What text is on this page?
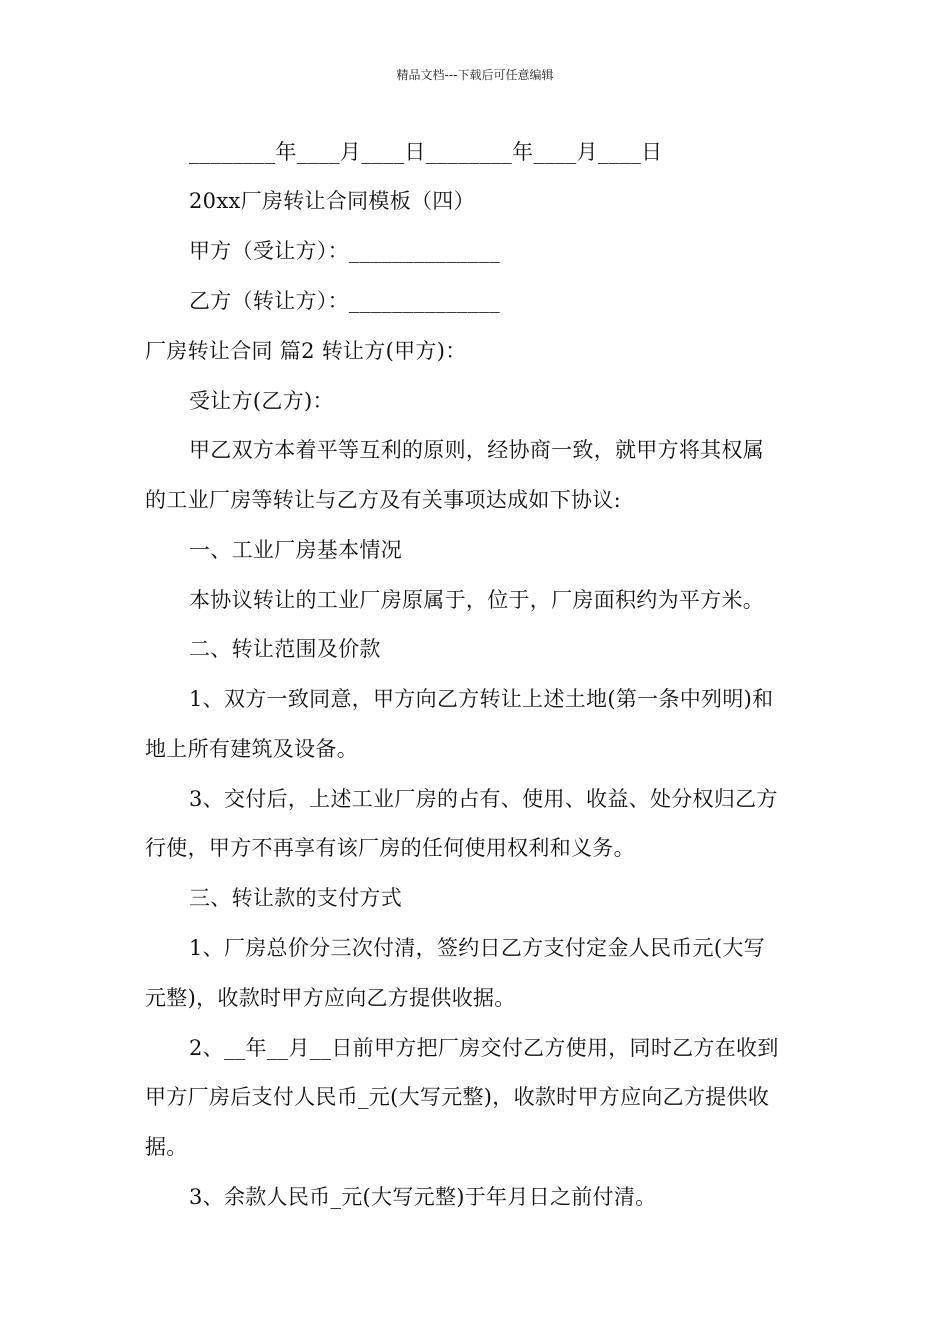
精品文档---下载后可任意编辑
________年____月____日________年____月____日
20xx厂房转让合同模板（四）
甲方（受让方）：______________
乙方（转让方）：______________
厂房转让合同 篇2 转让方(甲方)：
受让方(乙方)：
甲乙双方本着平等互利的原则，经协商一致，就甲方将其权属
的工业厂房等转让与乙方及有关事项达成如下协议:
一、工业厂房基本情况
本协议转让的工业厂房原属于，位于，厂房面积约为平方米。
二、转让范围及价款
1、双方一致同意，甲方向乙方转让上述土地(第一条中列明)和
地上所有建筑及设备。
3、交付后，上述工业厂房的占有、使用、收益、处分权归乙方
行使，甲方不再享有该厂房的任何使用权利和义务。
三、转让款的支付方式
1、厂房总价分三次付清，签约日乙方支付定金人民币元(大写
元整)，收款时甲方应向乙方提供收据。
2、__年__月__日前甲方把厂房交付乙方使用，同时乙方在收到
甲方厂房后支付人民币_元(大写元整)，收款时甲方应向乙方提供收
据。
3、余款人民币_元(大写元整)于年月日之前付清。
